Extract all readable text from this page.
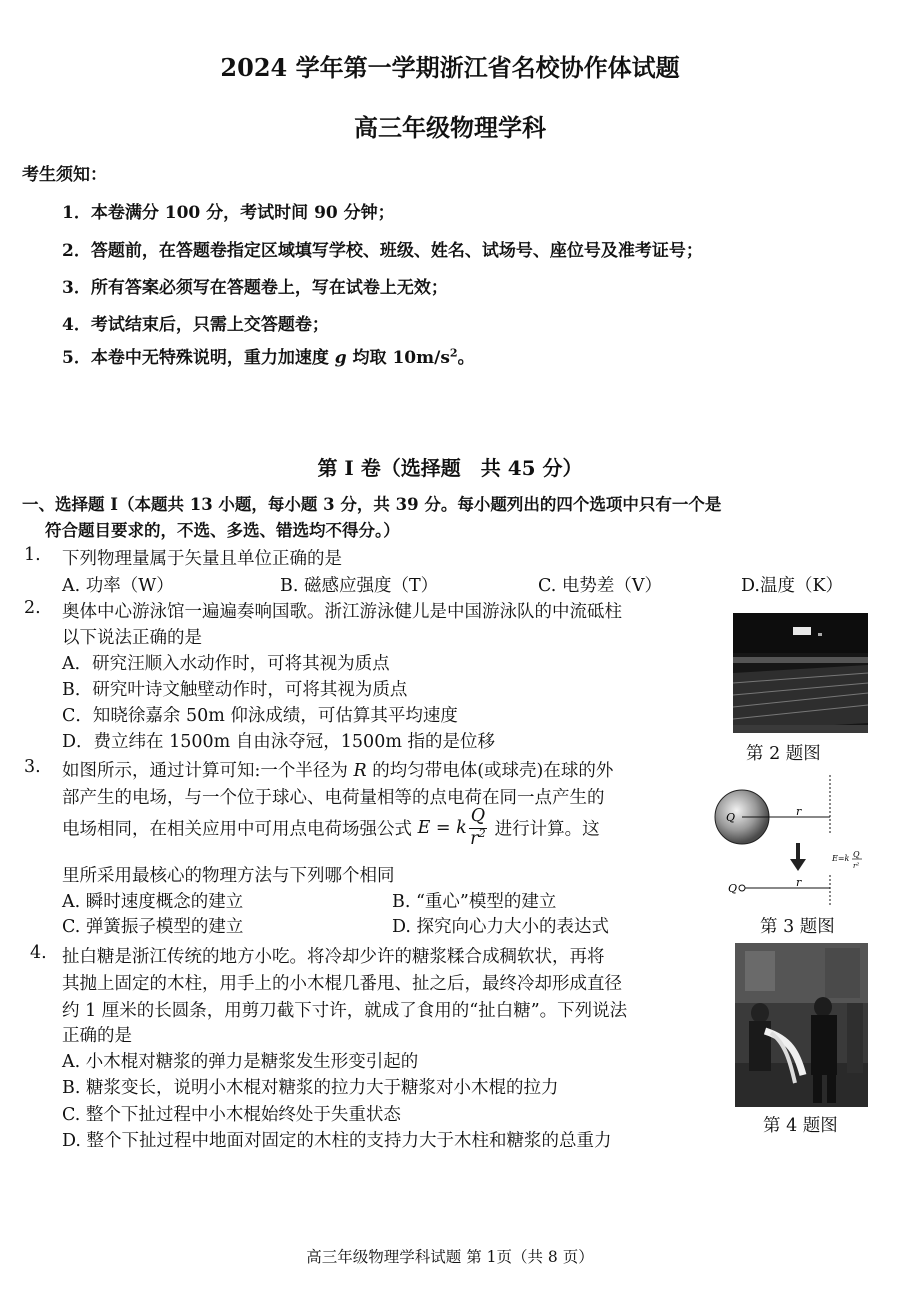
2024 学年第一学期浙江省名校协作体试题
高三年级物理学科
考生须知：
1．本卷满分 100 分，考试时间 90 分钟；
2．答题前，在答题卷指定区域填写学校、班级、姓名、试场号、座位号及准考证号；
3．所有答案必须写在答题卷上，写在试卷上无效；
4．考试结束后，只需上交答题卷；
5．本卷中无特殊说明，重力加速度 g 均取 $10m/s^2$。
第 I 卷（选择题　共 45 分）
一、选择题 I（本题共 13 小题，每小题 3 分，共 39 分。每小题列出的四个选项中只有一个是
符合题目要求的，不选、多选、错选均不得分。）
1. 下列物理量属于矢量且单位正确的是
A. 功率（W）	B. 磁感应强度（T）	C. 电势差（V）	D.温度（K）
2. 奥体中心游泳馆一遍遍奏响国歌。浙江游泳健儿是中国游泳队的中流砥柱
以下说法正确的是
A．研究汪顺入水动作时，可将其视为质点
B．研究叶诗文触壁动作时，可将其视为质点
C．知晓徐嘉余 50m 仰泳成绩，可估算其平均速度
D．费立纬在 1500m 自由泳夺冠，1500m 指的是位移
第 2 题图
3. 如图所示，通过计算可知:一个半径为 R 的均匀带电体(或球壳)在球的外
部产生的电场，与一个位于球心、电荷量相等的点电荷在同一点产生的
电场相同，在相关应用中可用点电荷场强公式 E = k $\frac{Q}{r^2}$ 进行计算。这
里所采用最核心的物理方法与下列哪个相同
A. 瞬时速度概念的建立	B. “重心”模型的建立
C. 弹簧振子模型的建立	D. 探究向心力大小的表达式
Q	r
E=k Q
r²
Q	r
第 3 题图
4. 扯白糖是浙江传统的地方小吃。将冷却少许的糖浆糅合成稠软状，再将
其抛上固定的木柱，用手上的小木棍几番甩、扯之后，最终冷却形成直径
约 1 厘米的长圆条，用剪刀截下寸许，就成了食用的“扯白糖”。下列说法
正确的是
A. 小木棍对糖浆的弹力是糖浆发生形变引起的
B. 糖浆变长，说明小木棍对糖浆的拉力大于糖浆对小木棍的拉力
C. 整个下扯过程中小木棍始终处于失重状态
D. 整个下扯过程中地面对固定的木柱的支持力大于木柱和糖浆的总重力
第 4 题图
高三年级物理学科试题 第 1页（共 8 页）
